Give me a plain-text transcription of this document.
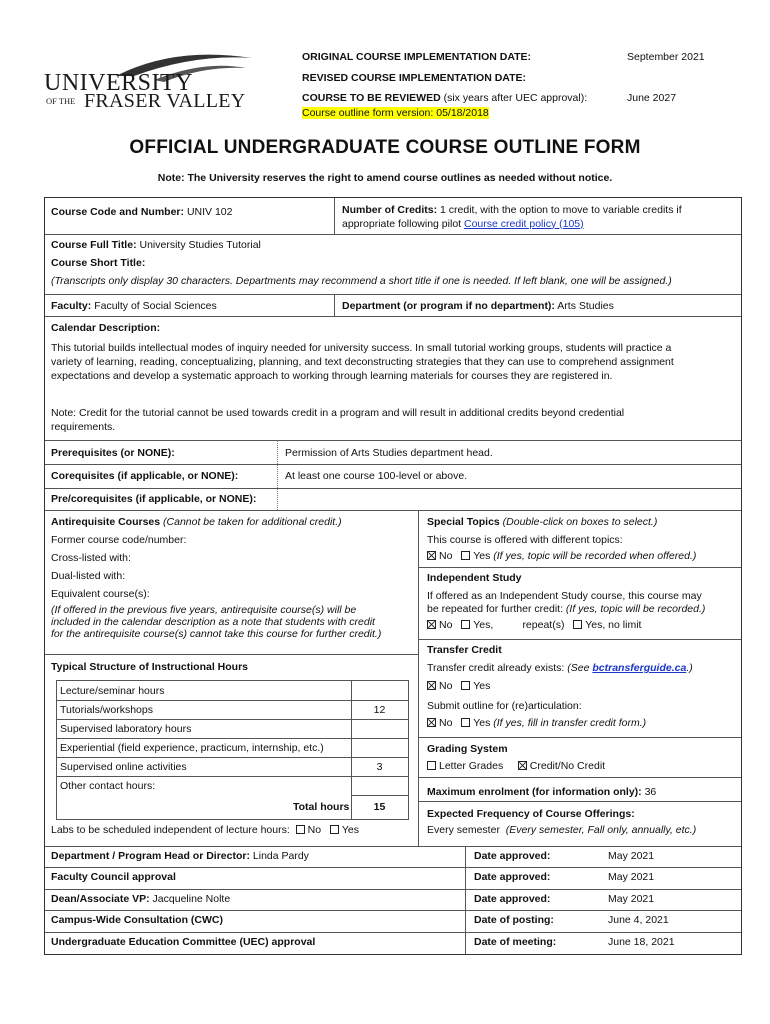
UNIVERSITY
OF THE FRASER VALLEY
ORIGINAL COURSE IMPLEMENTATION DATE:	September 2021
REVISED COURSE IMPLEMENTATION DATE:
COURSE TO BE REVIEWED (six years after UEC approval):	June 2027
Course outline form version: 05/18/2018
OFFICIAL UNDERGRADUATE COURSE OUTLINE FORM
Note: The University reserves the right to amend course outlines as needed without notice.
Course Code and Number: UNIV 102	Number of Credits: 1 credit, with the option to move to variable credits if
appropriate following pilot Course credit policy (105)
Course Full Title: University Studies Tutorial
Course Short Title:
(Transcripts only display 30 characters. Departments may recommend a short title if one is needed. If left blank, one will be assigned.)
Faculty: Faculty of Social Sciences	Department (or program if no department): Arts Studies
Calendar Description:
This tutorial builds intellectual modes of inquiry needed for university success. In small tutorial working groups, students will practice a
variety of learning, reading, conceptualizing, planning, and text deconstructing strategies that they can use to comprehend assignment
expectations and develop a systematic approach to working through learning materials for courses they are registered in.
Note: Credit for the tutorial cannot be used towards credit in a program and will result in additional credits beyond credential
requirements.
Prerequisites (or NONE):	Permission of Arts Studies department head.
Corequisites (if applicable, or NONE):	At least one course 100-level or above.
Pre/corequisites (if applicable, or NONE):
Antirequisite Courses (Cannot be taken for additional credit.)
Former course code/number:
Cross-listed with:
Dual-listed with:
Equivalent course(s):
(If offered in the previous five years, antirequisite course(s) will be
included in the calendar description as a note that students with credit
for the antirequisite course(s) cannot take this course for further credit.)
Special Topics (Double-click on boxes to select.)
This course is offered with different topics:
No Yes (If yes, topic will be recorded when offered.)
Independent Study
If offered as an Independent Study course, this course may
be repeated for further credit: (If yes, topic will be recorded.)
No Yes,	repeat(s) Yes, no limit
Transfer Credit
Transfer credit already exists: (See bctransferguide.ca.)
No Yes
Submit outline for (re)articulation:
No Yes (If yes, fill in transfer credit form.)
Grading System
Letter Grades	Credit/No Credit
Maximum enrolment (for information only): 36
Expected Frequency of Course Offerings:
Every semester (Every semester, Fall only, annually, etc.)
Typical Structure of Instructional Hours
Lecture/seminar hours
Tutorials/workshops	12
Supervised laboratory hours
Experiential (field experience, practicum, internship, etc.)
Supervised online activities	3
Other contact hours:
Total hours	15
Labs to be scheduled independent of lecture hours: No Yes
Department / Program Head or Director: Linda Pardy	Date approved:	May 2021
Faculty Council approval	Date approved:	May 2021
Dean/Associate VP: Jacqueline Nolte	Date approved:	May 2021
Campus-Wide Consultation (CWC)	Date of posting:	June 4, 2021
Undergraduate Education Committee (UEC) approval	Date of meeting:	June 18, 2021
